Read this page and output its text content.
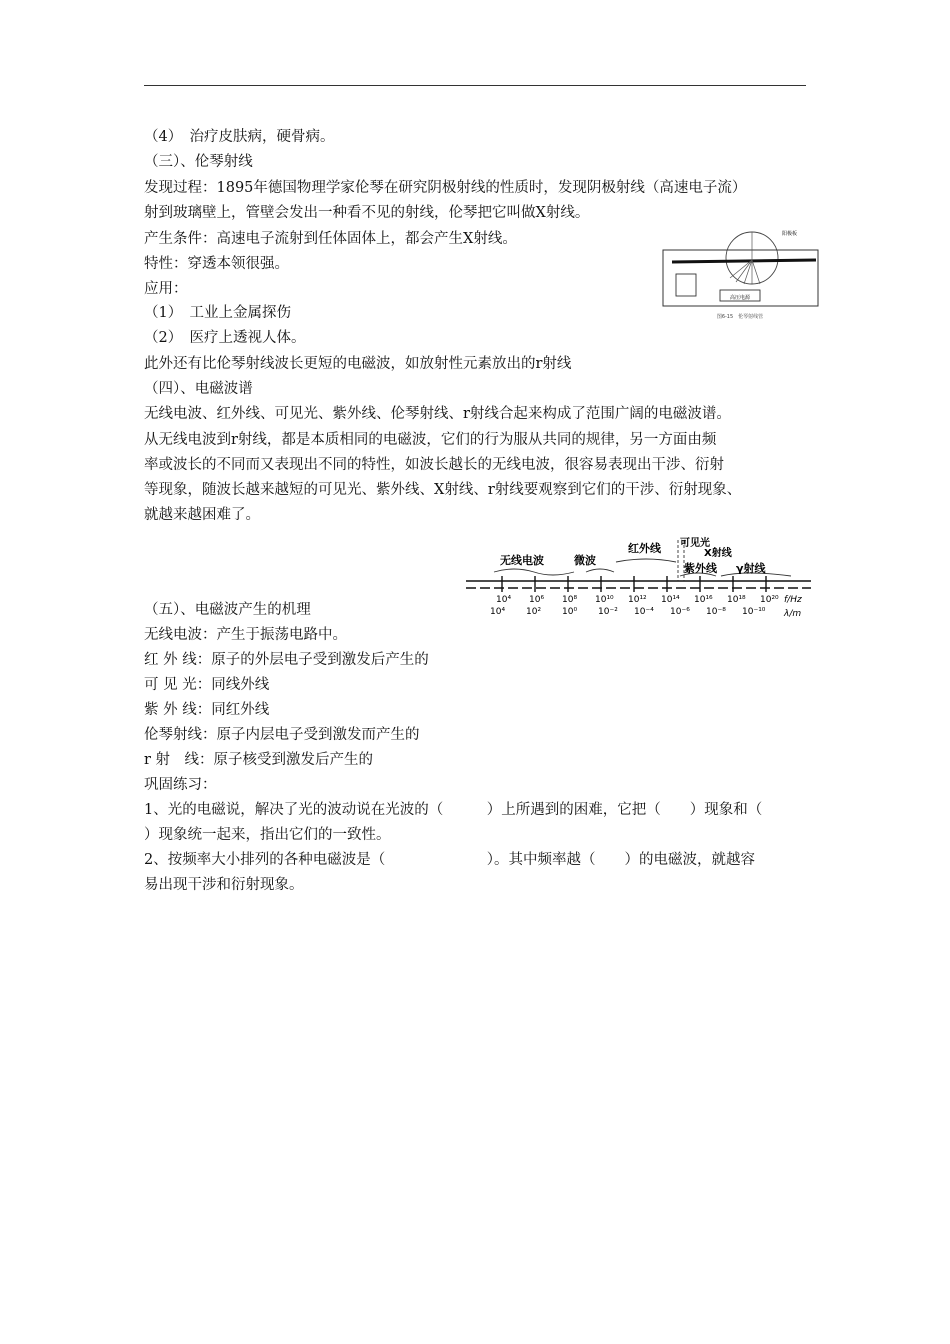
（4）　治疗皮肤病，硬骨病。
（三）、伦琴射线
发现过程：1895年德国物理学家伦琴在研究阴极射线的性质时，发现阴极射线（高速电子流）
射到玻璃壁上，管壁会发出一种看不见的射线，伦琴把它叫做X射线。
产生条件：高速电子流射到任体固体上，都会产生X射线。
特性：穿透本领很强。
应用：
（1）　工业上金属探伤
（2）　医疗上透视人体。
此外还有比伦琴射线波长更短的电磁波，如放射性元素放出的r射线
（四）、电磁波谱
无线电波、红外线、可见光、紫外线、伦琴射线、r射线合起来构成了范围广阔的电磁波谱。
从无线电波到r射线，都是本质相同的电磁波，它们的行为服从共同的规律，另一方面由频
率或波长的不同而又表现出不同的特性，如波长越长的无线电波，很容易表现出干涉、衍射
等现象，随波长越来越短的可见光、紫外线、X射线、r射线要观察到它们的干涉、衍射现象、
就越来越困难了。
（五）、电磁波产生的机理
无线电波：产生于振荡电路中。
红 外 线：原子的外层电子受到激发后产生的
可 见 光：同线外线
紫 外 线：同红外线
伦琴射线：原子内层电子受到激发而产生的
r 射　线：原子核受到激发后产生的
巩固练习：
1、光的电磁说，解决了光的波动说在光波的（　　　）上所遇到的困难，它把（　　）现象和（
）现象统一起来，指出它们的一致性。
2、按频率大小排列的各种电磁波是（　　　　　　　）。其中频率越（　　）的电磁波，就越容
易出现干涉和衍射现象。
高压电源
阳极板
图6-15　伦琴射线管
10⁴ 10⁶ 10⁸ 10¹⁰ 10¹² 10¹⁴ 10¹⁶ 10¹⁸ 10²⁰
10⁴ 10² 10⁰ 10⁻² 10⁻⁴ 10⁻⁶ 10⁻⁸ 10⁻¹⁰
无线电波	微波
红外线 可见光
X射线
紫外线 γ射线
f/Hz
λ/m
